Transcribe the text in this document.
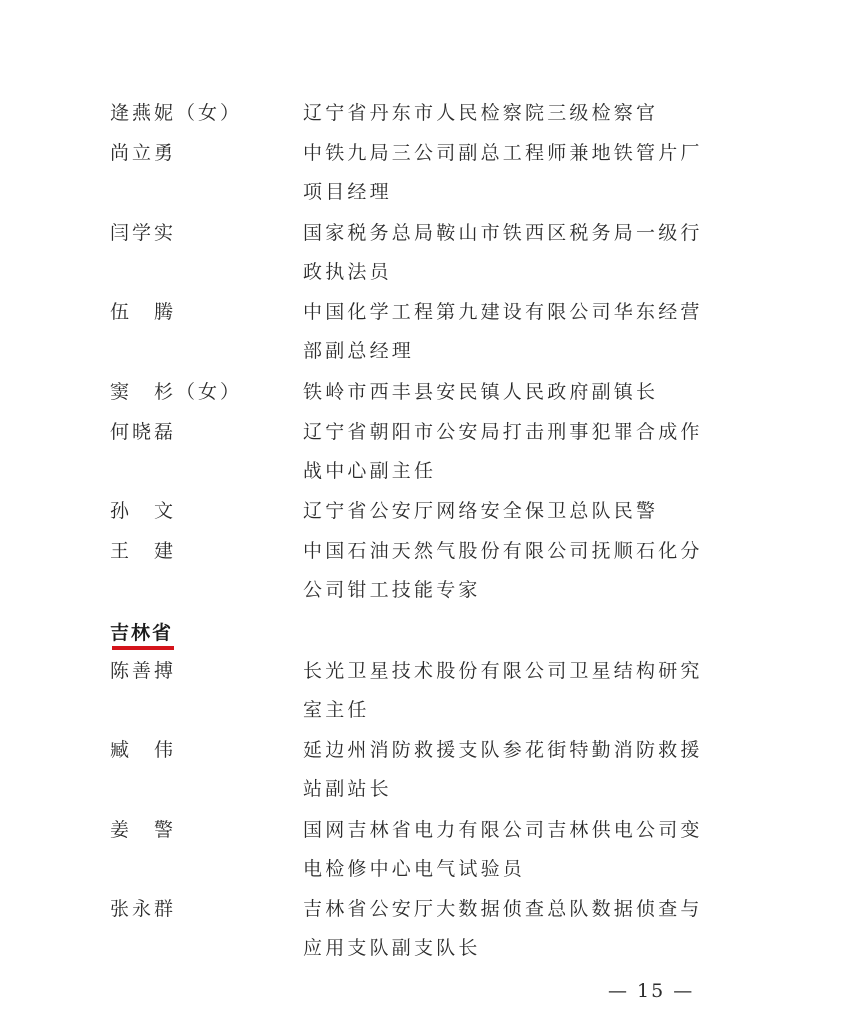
逄燕妮（女）	辽宁省丹东市人民检察院三级检察官
尚立勇	中铁九局三公司副总工程师兼地铁管片厂项目经理
闫学实	国家税务总局鞍山市铁西区税务局一级行政执法员
伍　腾	中国化学工程第九建设有限公司华东经营部副总经理
窦　杉（女）	铁岭市西丰县安民镇人民政府副镇长
何晓磊	辽宁省朝阳市公安局打击刑事犯罪合成作战中心副主任
孙　文	辽宁省公安厅网络安全保卫总队民警
王　建	中国石油天然气股份有限公司抚顺石化分公司钳工技能专家
吉林省
陈善搏	长光卫星技术股份有限公司卫星结构研究室主任
臧　伟	延边州消防救援支队参花街特勤消防救援站副站长
姜　警	国网吉林省电力有限公司吉林供电公司变电检修中心电气试验员
张永群	吉林省公安厅大数据侦查总队数据侦查与应用支队副支队长
— 15 —
